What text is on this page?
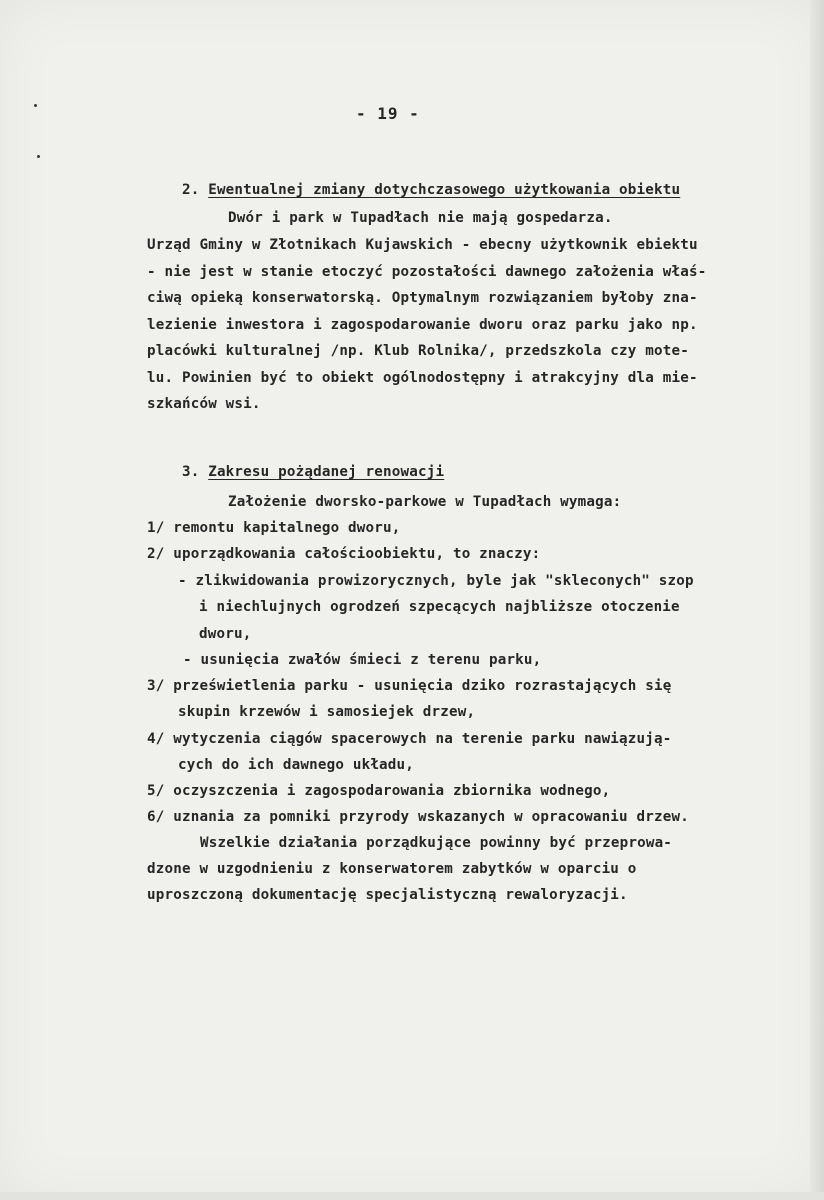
- 19 -

2. Ewentualnej zmiany dotychczasowego użytkowania obiektu

Dwór i park w Tupadłach nie mają gospedarza.
Urząd Gminy w Złotnikach Kujawskich - ebecny użytkownik ebiektu
- nie jest w stanie etoczyć pozostałości dawnego założenia właś-
ciwą opieką konserwatorską. Optymalnym rozwiązaniem byłoby zna-
lezienie inwestora i zagospodarowanie dworu oraz parku jako np.
placówki kulturalnej /np. Klub Rolnika/, przedszkola czy mote-
lu. Powinien być to obiekt ogólnodostępny i atrakcyjny dla mie-
szkańców wsi.

3. Zakresu pożądanej renowacji

Założenie dworsko-parkowe w Tupadłach wymaga:
1/ remontu kapitalnego dworu,
2/ uporządkowania całościoobiektu, to znaczy:
- zlikwidowania prowizorycznych, byle jak "skleconych" szop
i niechlujnych ogrodzeń szpecących najbliższe otoczenie
dworu,
- usunięcia zwałów śmieci z terenu parku,
3/ prześwietlenia parku - usunięcia dziko rozrastających się
skupin krzewów i samosiejek drzew,
4/ wytyczenia ciągów spacerowych na terenie parku nawiązują-
cych do ich dawnego układu,
5/ oczyszczenia i zagospodarowania zbiornika wodnego,
6/ uznania za pomniki przyrody wskazanych w opracowaniu drzew.
Wszelkie działania porządkujące powinny być przeprowa-
dzone w uzgodnieniu z konserwatorem zabytków w oparciu o
uproszczoną dokumentację specjalistyczną rewaloryzacji.
